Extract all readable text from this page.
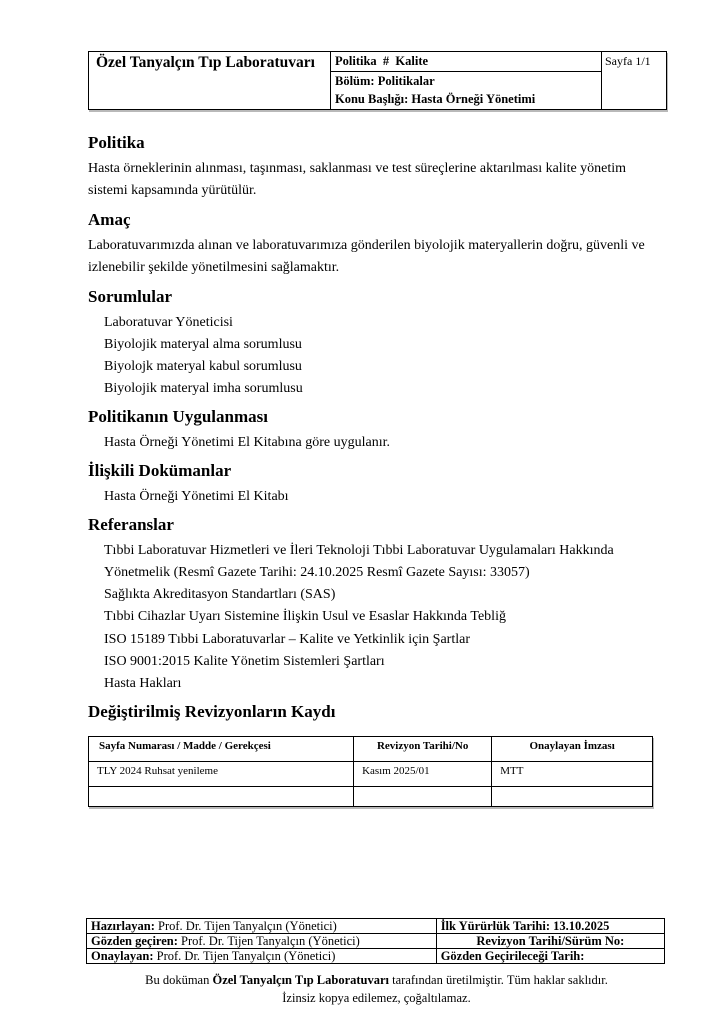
Özel Tanyalçın Tıp Laboratuvarı	Politika  #  Kalite
Bölüm: Politikalar
Konu Başlığı: Hasta Örneği Yönetimi
Sayfa 1/1
Politika

Hasta örneklerinin alınması, taşınması, saklanması ve test süreçlerine aktarılması kalite yönetim sistemi kapsamında yürütülür.

Amaç

Laboratuvarımızda alınan ve laboratuvarımıza gönderilen biyolojik materyallerin doğru, güvenli ve izlenebilir şekilde yönetilmesini sağlamaktır.

Sorumlular
Laboratuvar Yöneticisi
Biyolojik materyal alma sorumlusu
Biyolojk materyal kabul sorumlusu
Biyolojik materyal imha sorumlusu
Politikanın Uygulanması
Hasta Örneği Yönetimi El Kitabına göre uygulanır.
İlişkili Dokümanlar
Hasta Örneği Yönetimi El Kitabı
Referanslar
Tıbbi Laboratuvar Hizmetleri ve İleri Teknoloji Tıbbi Laboratuvar Uygulamaları Hakkında Yönetmelik (Resmî Gazete Tarihi: 24.10.2025 Resmî Gazete Sayısı: 33057)
Sağlıkta Akreditasyon Standartları (SAS)
Tıbbi Cihazlar Uyarı Sistemine İlişkin Usul ve Esaslar Hakkında Tebliğ
ISO 15189 Tıbbi Laboratuvarlar – Kalite ve Yetkinlik için Şartlar
ISO 9001:2015 Kalite Yönetim Sistemleri Şartları
Hasta Hakları
Değiştirilmiş Revizyonların Kaydı
Sayfa Numarası / Madde / Gerekçesi	Revizyon Tarihi/No	Onaylayan İmzası
TLY 2024 Ruhsat yenileme	Kasım 2025/01	MTT

Hazırlayan: Prof. Dr. Tijen Tanyalçın (Yönetici)	İlk Yürürlük Tarihi: 13.10.2025
Gözden geçiren: Prof. Dr. Tijen Tanyalçın (Yönetici)	Revizyon Tarihi/Sürüm No:
Onaylayan: Prof. Dr. Tijen Tanyalçın (Yönetici)	Gözden Geçirileceği Tarih:
Bu doküman Özel Tanyalçın Tıp Laboratuvarı tarafından üretilmiştir. Tüm haklar saklıdır.
İzinsiz kopya edilemez, çoğaltılamaz.
